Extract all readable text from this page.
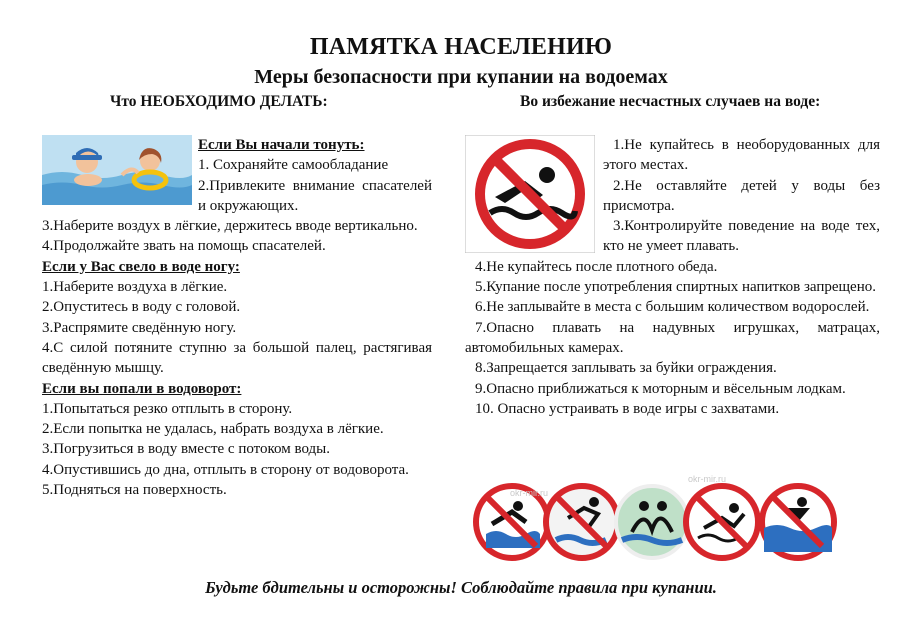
ПАМЯТКА НАСЕЛЕНИЮ
Меры безопасности при купании на водоемах
Что НЕОБХОДИМО ДЕЛАТЬ:	Во избежание несчастных случаев на воде:
Если Вы начали тонуть:

1. Сохраняйте самообладание

2.Привлеките внимание спасателей и окружающих.

3.Наберите воздух в лёгкие, держитесь вводе вертикально.

4.Продолжайте звать на помощь спасателей.

Если у Вас свело в воде ногу:

1.Наберите воздуха в лёгкие.

2.Опуститесь в воду с головой.

3.Распрямите сведённую ногу.

4.С силой потяните ступню за большой палец, растягивая сведённую мышцу.

Если вы попали в водоворот:

1.Попытаться резко отплыть в сторону.

2.Если попытка не удалась, набрать воздуха в лёгкие.

3.Погрузиться в воду вместе с потоком воды.

4.Опустившись до дна, отплыть в сторону от водоворота.

5.Подняться на поверхность.

1.Не купайтесь в необорудованных для этого местах.

2.Не оставляйте детей у воды без присмотра.

3.Контролируйте поведение на воде тех, кто не умеет плавать.

4.Не купайтесь после плотного обеда.

5.Купание после употребления спиртных напитков запрещено.

6.Не заплывайте в места с большим количеством водорослей.

7.Опасно плавать на надувных игрушках, матрацах, автомобильных камерах.

8.Запрещается заплывать за буйки ограждения.

9.Опасно приближаться к моторным и вёсельным лодкам.

10. Опасно устраивать в воде игры с захватами.

okr-mir.ru
okr-mir.ru
Будьте бдительны и осторожны! Соблюдайте правила при купании.
